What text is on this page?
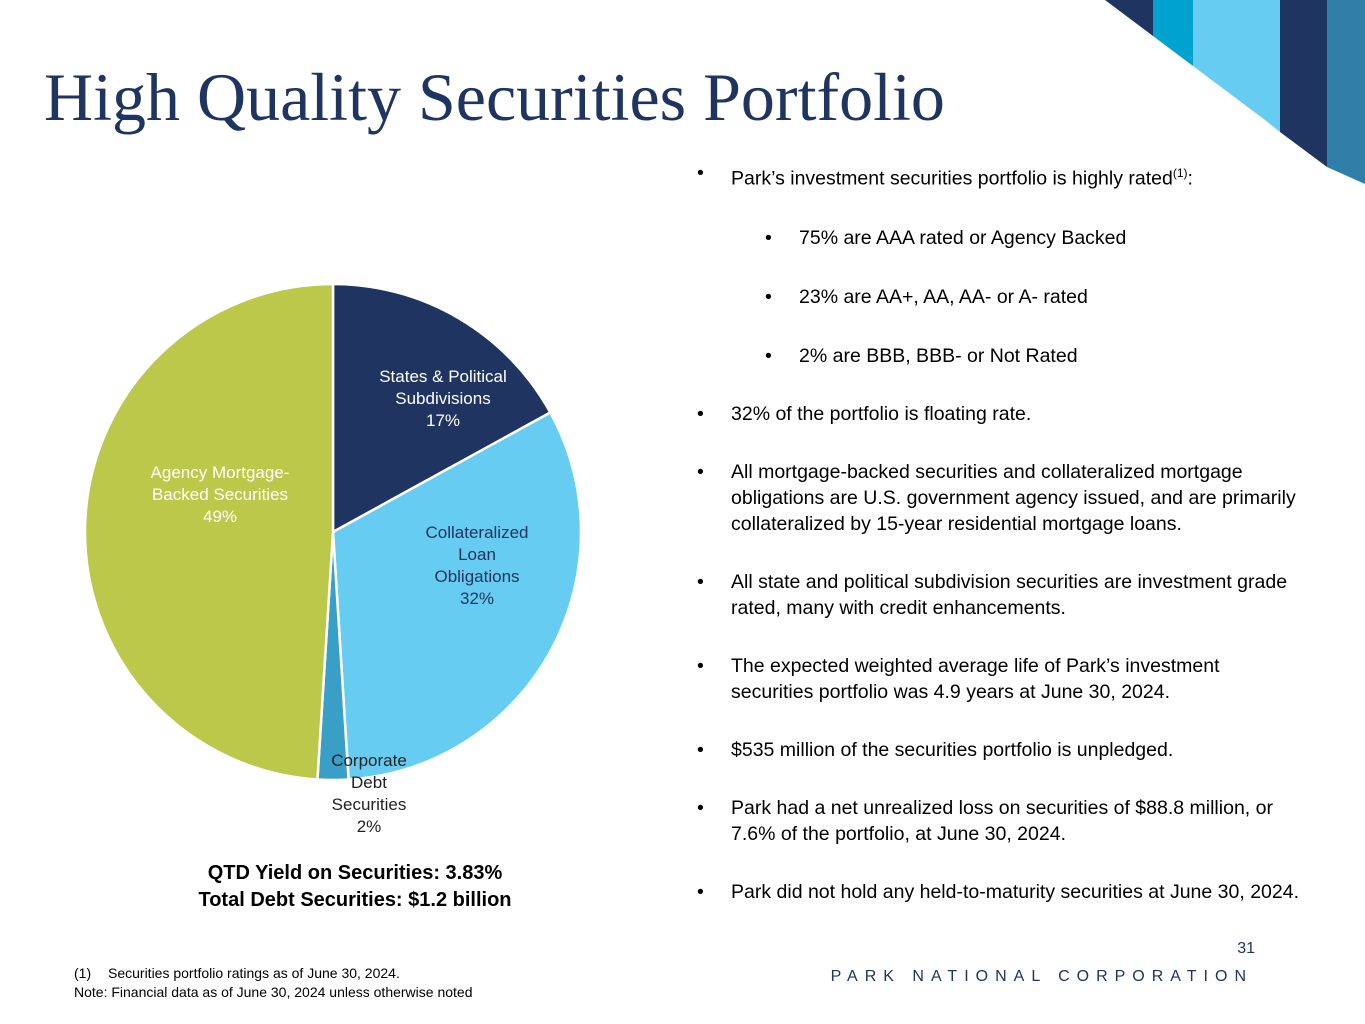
High Quality Securities Portfolio
States & Political Subdivisions 17%
Collateralized Loan Obligations 32%
Corporate Debt Securities 2%
Agency Mortgage-Backed Securities 49%
QTD Yield on Securities: 3.83%
Total Debt Securities: $1.2 billion
• Park’s investment securities portfolio is highly rated$^{(1)}$:
• 75% are AAA rated or Agency Backed
• 23% are AA+, AA, AA- or A- rated
• 2% are BBB, BBB- or Not Rated
• 32% of the portfolio is floating rate.
• All mortgage-backed securities and collateralized mortgage obligations are U.S. government agency issued, and are primarily collateralized by 15-year residential mortgage loans.
• All state and political subdivision securities are investment grade rated, many with credit enhancements.
• The expected weighted average life of Park’s investment securities portfolio was 4.9 years at June 30, 2024.
• $535 million of the securities portfolio is unpledged.
• Park had a net unrealized loss on securities of $88.8 million, or 7.6% of the portfolio, at June 30, 2024.
• Park did not hold any held-to-maturity securities at June 30, 2024.
(1) Securities portfolio ratings as of June 30, 2024.
Note: Financial data as of June 30, 2024 unless otherwise noted
31
PARK NATIONAL CORPORATION
